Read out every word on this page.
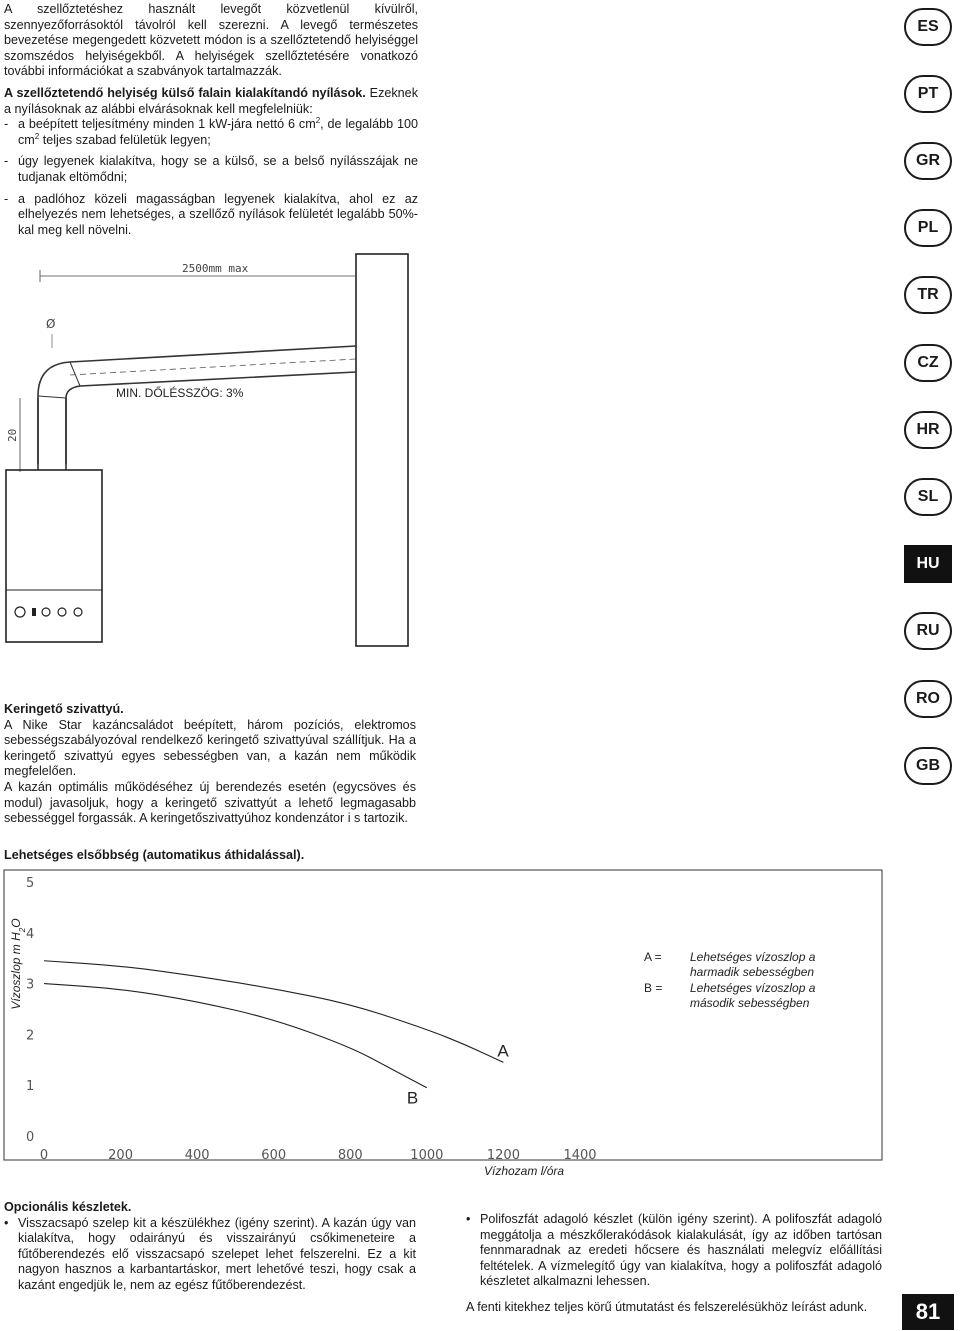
A szellőztetéshez használt levegőt közvetlenül kívülről, szennyezőforrásoktól távolról kell szerezni. A levegő természetes bevezetése megengedett közvetett módon is a szellőztetendő helyiséggel szomszédos helyiségekből. A helyiségek szellőztetésére vonatkozó további információkat a szabványok tartalmazzák.

A szellőztetendő helyiség külső falain kialakítandó nyílások. Ezeknek a nyílásoknak az alábbi elvárásoknak kell megfelelniük:

- a beépített teljesítmény minden 1 kW-jára nettó 6 $cm^2$, de legalább 100 $cm^2$ teljes szabad felületük legyen;
- úgy legyenek kialakítva, hogy se a külső, se a belső nyílásszájak ne tudjanak eltömődni;
- a padlóhoz közeli magasságban legyenek kialakítva, ahol ez az elhelyezés nem lehetséges, a szellőző nyílások felületét legalább 50%-kal meg kell növelni.
2500mm max
Ø
MIN. DŐLÉSSZÖG: 3%
20

Keringető szivattyú.

A Nike Star kazáncsaládot beépített, három pozíciós, elektromos sebességszabályozóval rendelkező keringető szivattyúval szállítjuk. Ha a keringető szivattyú egyes sebességben van, a kazán nem működik megfelelően.

A kazán optimális működéséhez új berendezés esetén (egycsöves és modul) javasoljuk, hogy a keringető szivattyút a lehető legmagasabb sebességgel forgassák. A keringetőszivattyúhoz kondenzátor i s tartozik.

Lehetséges elsőbbség (automatikus áthidalással).
0
1
2
3
4
5
0	200	400	600	800	1000	1200	1400
A
B
Vízoszlop m $H_2O$
Vízhozam l/óra
A = Lehetséges vízoszlop a
harmadik sebességben
B = Lehetséges vízoszlop a
második sebességben

Opcionális készletek.

• Visszacsapó szelep kit a készülékhez (igény szerint). A kazán úgy van kialakítva, hogy odairányú és visszairányú csőkimeneteire a fűtőberendezés elő visszacsapó szelepet lehet felszerelni. Ez a kit nagyon hasznos a karbantartáskor, mert lehetővé teszi, hogy csak a kazánt engedjük le, nem az egész fűtőberendezést.
• Polifoszfát adagoló készlet (külön igény szerint). A polifoszfát adagoló meggátolja a mészkőlerakódások kialakulását, így az időben tartósan fennmaradnak az eredeti hőcsere és használati melegvíz előállítási feltételek. A vízmelegítő úgy van kialakítva, hogy a polifoszfát adagoló készletet alkalmazni lehessen.

A fenti kitekhez teljes körű útmutatást és felszerelésükhöz leírást adunk.

ES
PT
GR
PL
TR
CZ
HR
SL
HU
RU
RO
GB
81
